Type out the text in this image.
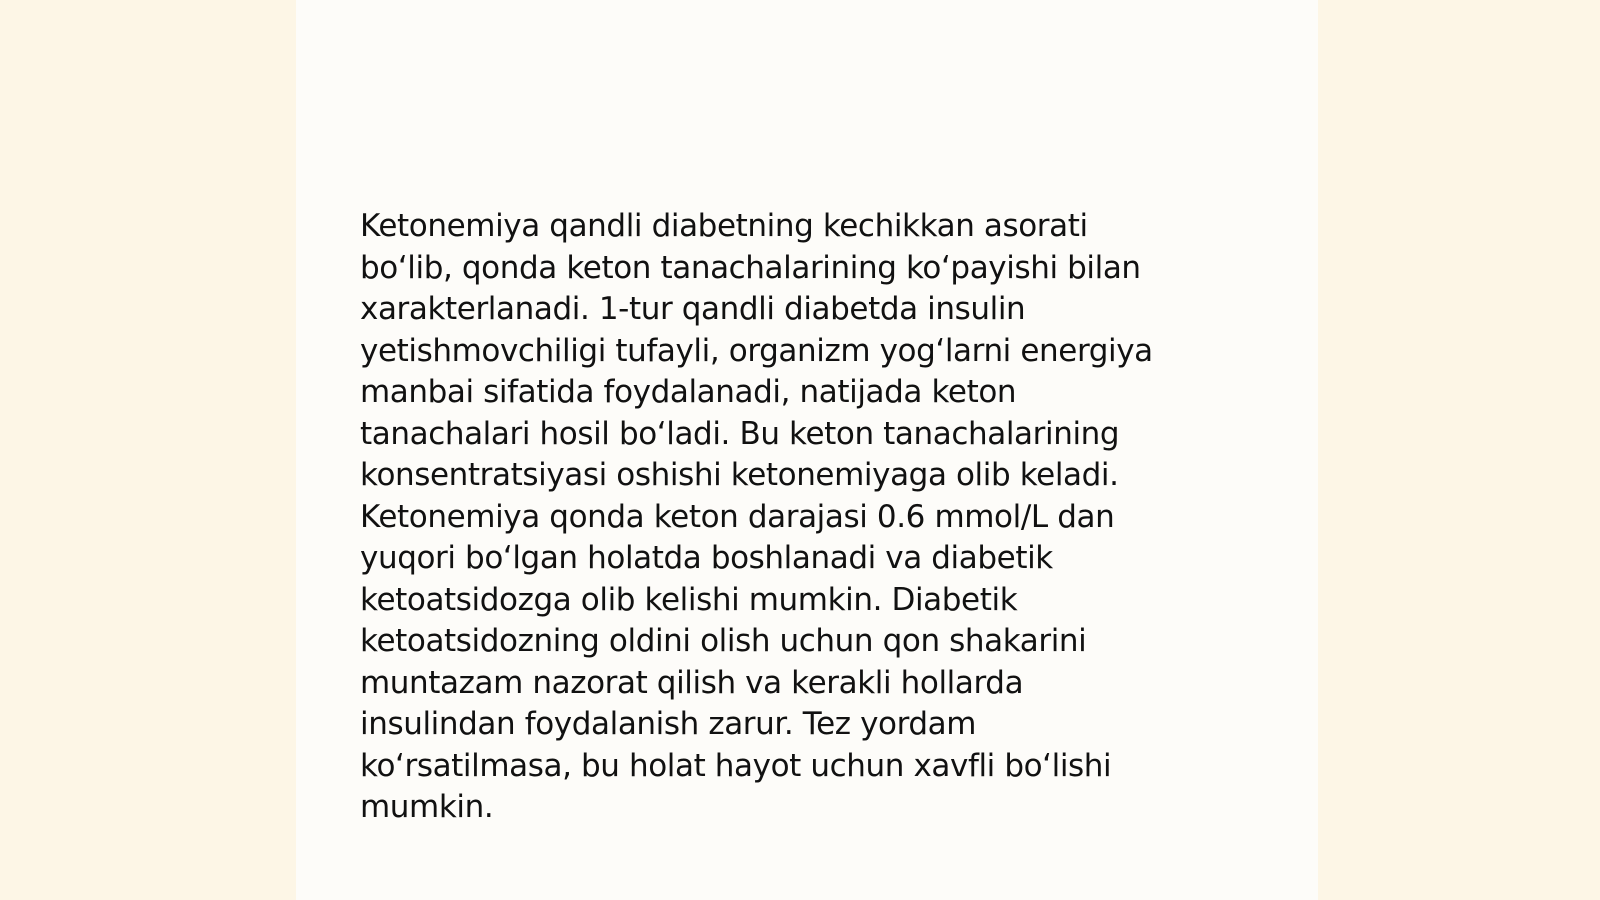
Ketonemiya qandli diabetning kechikkan asorati
boʻlib, qonda keton tanachalarining koʻpayishi bilan
xarakterlanadi. 1-tur qandli diabetda insulin
yetishmovchiligi tufayli, organizm yogʻlarni energiya
manbai sifatida foydalanadi, natijada keton
tanachalari hosil boʻladi. Bu keton tanachalarining
konsentratsiyasi oshishi ketonemiyaga olib keladi.
Ketonemiya qonda keton darajasi 0.6 mmol/L dan
yuqori boʻlgan holatda boshlanadi va diabetik
ketoatsidozga olib kelishi mumkin. Diabetik
ketoatsidozning oldini olish uchun qon shakarini
muntazam nazorat qilish va kerakli hollarda
insulindan foydalanish zarur. Tez yordam
koʻrsatilmasa, bu holat hayot uchun xavfli boʻlishi
mumkin.
